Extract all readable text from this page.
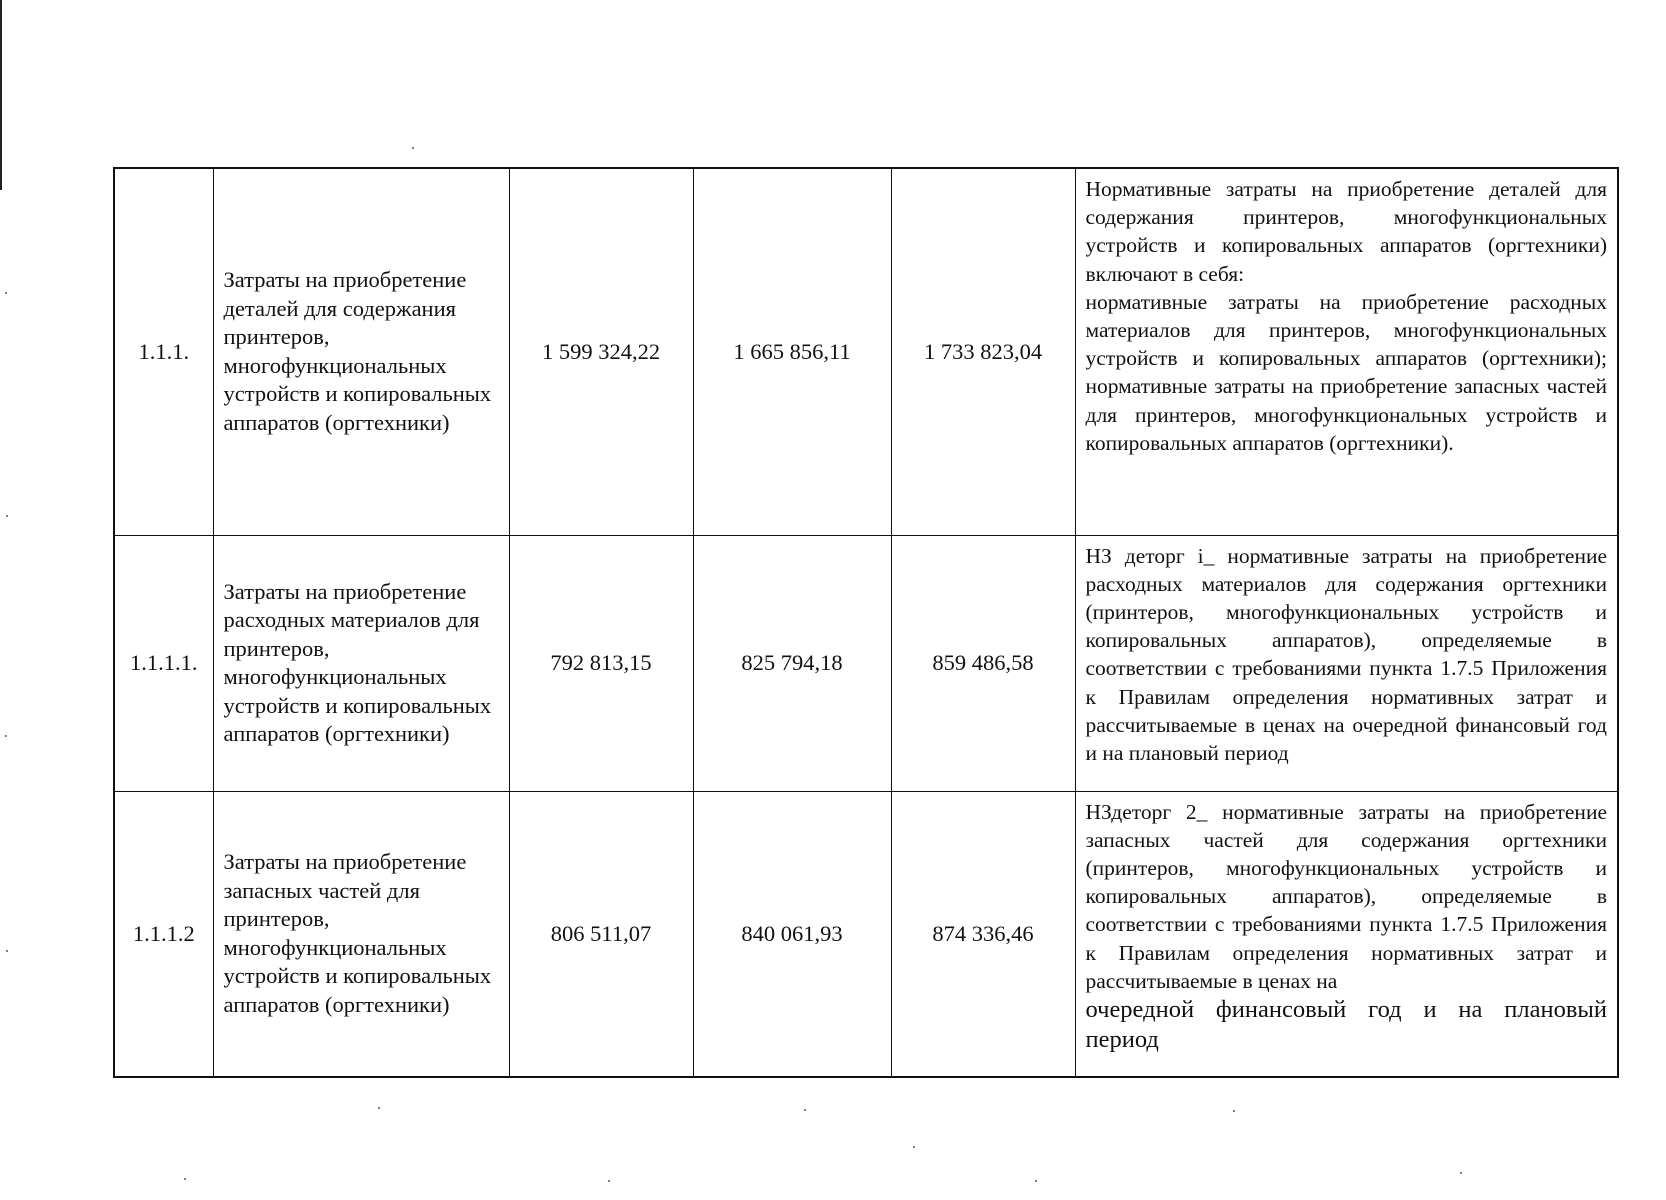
1.1.1.	Затраты на приобретение деталей для содержания принтеров, многофункциональных устройств и копировальных аппаратов (оргтехники)	1 599 324,22	1 665 856,11	1 733 823,04	Нормативные затраты на приобретение деталей для содержания принтеров, многофункциональных устройств и копировальных аппаратов (оргтехники) включают в себя:
нормативные затраты на приобретение расходных материалов для принтеров, многофункциональных устройств и копировальных аппаратов (оргтехники); нормативные затраты на приобретение запасных частей для принтеров, многофункциональных устройств и копировальных аппаратов (оргтехники).

1.1.1.1.	Затраты на приобретение расходных материалов для принтеров, многофункциональных устройств и копировальных аппаратов (оргтехники)	792 813,15	825 794,18	859 486,58	НЗ деторг i_ нормативные затраты на приобретение расходных материалов для содержания оргтехники (принтеров, многофункциональных устройств и копировальных аппаратов), определяемые в соответствии с требованиями пункта 1.7.5 Приложения к Правилам определения нормативных затрат и рассчитываемые в ценах на очередной финансовый год и на плановый период

1.1.1.2	Затраты на приобретение запасных частей для принтеров, многофункциональных устройств и копировальных аппаратов (оргтехники)	806 511,07	840 061,93	874 336,46	НЗдеторг 2_ нормативные затраты на приобретение запасных частей для содержания оргтехники (принтеров, многофункциональных устройств и копировальных аппаратов), определяемые в соответствии с требованиями пункта 1.7.5 Приложения к Правилам определения нормативных затрат и рассчитываемые в ценах на
очередной финансовый год и на плановый период
